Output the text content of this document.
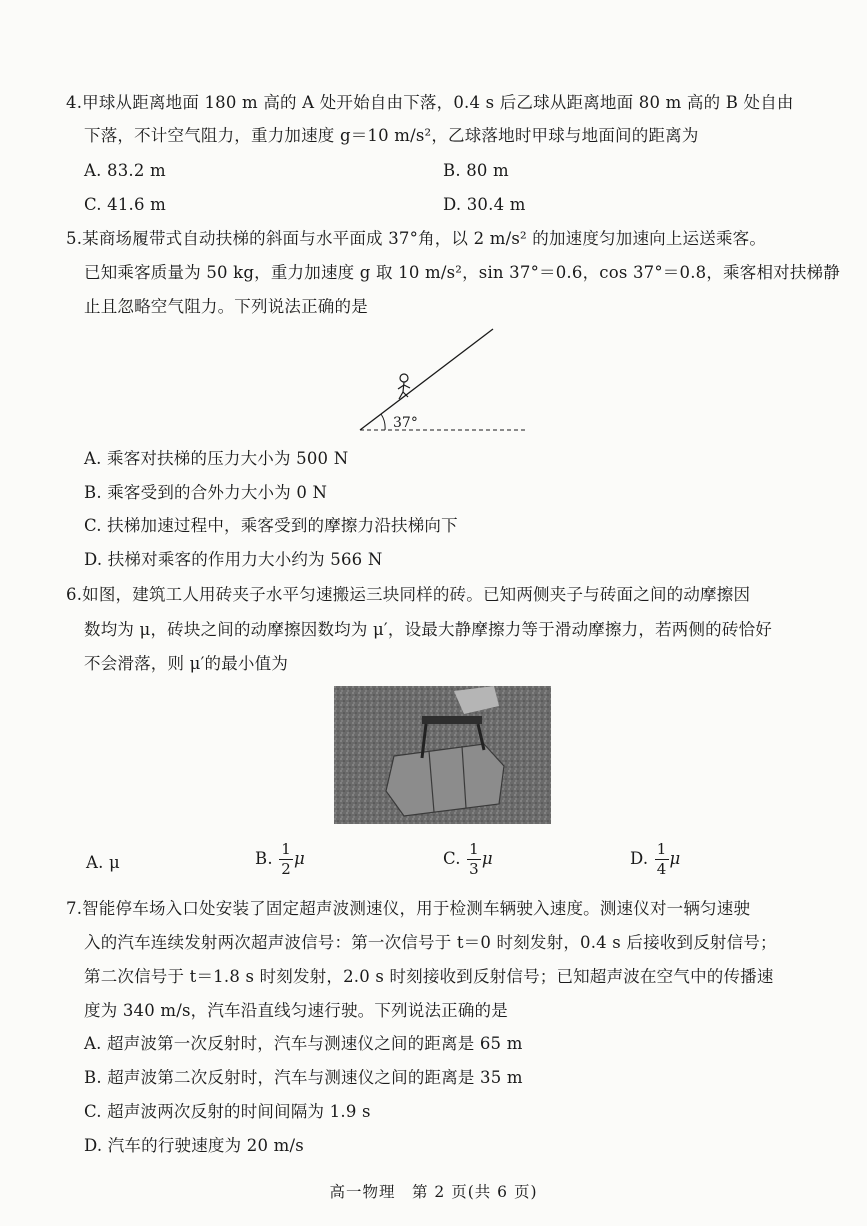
4.甲球从距离地面 180 m 高的 A 处开始自由下落，0.4 s 后乙球从距离地面 80 m 高的 B 处自由
下落，不计空气阻力，重力加速度 g＝10 m/s²，乙球落地时甲球与地面间的距离为
A. 83.2 m	B. 80 m
C. 41.6 m	D. 30.4 m
5.某商场履带式自动扶梯的斜面与水平面成 37°角，以 2 m/s² 的加速度匀加速向上运送乘客。
已知乘客质量为 50 kg，重力加速度 g 取 10 m/s²，sin 37°＝0.6，cos 37°＝0.8，乘客相对扶梯静
止且忽略空气阻力。下列说法正确的是
37°
A. 乘客对扶梯的压力大小为 500 N
B. 乘客受到的合外力大小为 0 N
C. 扶梯加速过程中，乘客受到的摩擦力沿扶梯向下
D. 扶梯对乘客的作用力大小约为 566 N
6.如图，建筑工人用砖夹子水平匀速搬运三块同样的砖。已知两侧夹子与砖面之间的动摩擦因
数均为 μ，砖块之间的动摩擦因数均为 μ′，设最大静摩擦力等于滑动摩擦力，若两侧的砖恰好
不会滑落，则 μ′的最小值为
A. μ	B. $\frac{1}{2}$ μ	C. $\frac{1}{3}$ μ	D. $\frac{1}{4}$ μ
7.智能停车场入口处安装了固定超声波测速仪，用于检测车辆驶入速度。测速仪对一辆匀速驶
入的汽车连续发射两次超声波信号：第一次信号于 t＝0 时刻发射，0.4 s 后接收到反射信号；
第二次信号于 t＝1.8 s 时刻发射，2.0 s 时刻接收到反射信号；已知超声波在空气中的传播速
度为 340 m/s，汽车沿直线匀速行驶。下列说法正确的是
A. 超声波第一次反射时，汽车与测速仪之间的距离是 65 m
B. 超声波第二次反射时，汽车与测速仪之间的距离是 35 m
C. 超声波两次反射的时间间隔为 1.9 s
D. 汽车的行驶速度为 20 m/s
高一物理　第 2 页(共 6 页)
